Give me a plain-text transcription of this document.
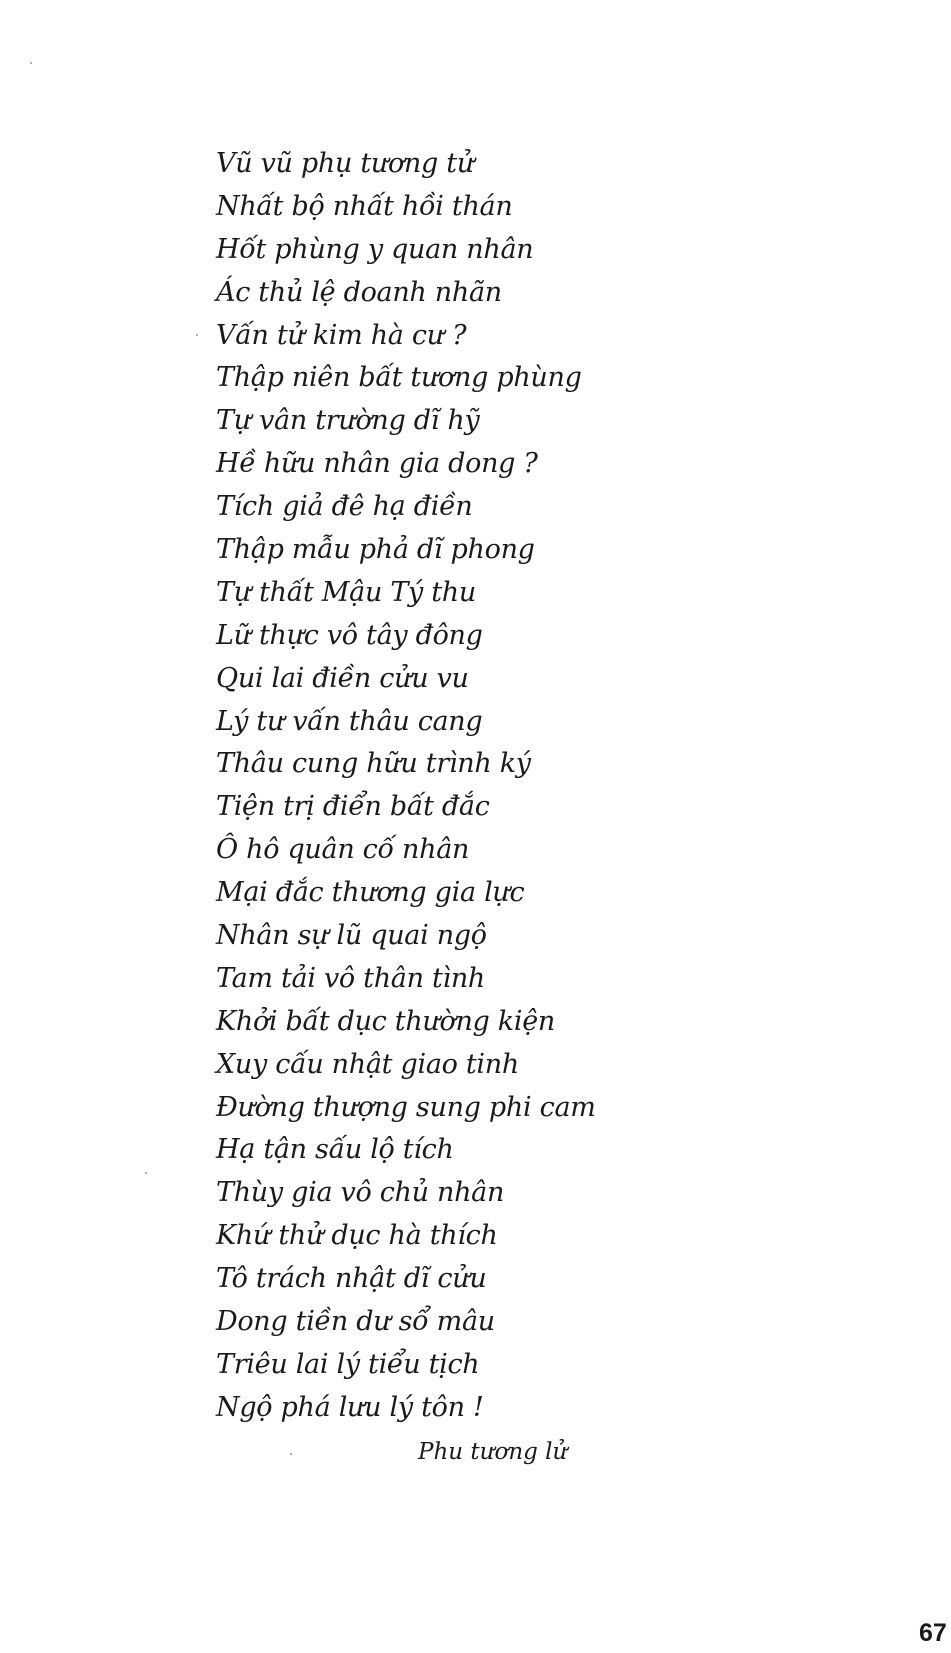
Vũ vũ phụ tương tử
Nhất bộ nhất hồi thán
Hốt phùng y quan nhân
Ác thủ lệ doanh nhãn
Vấn tử kim hà cư ?
Thập niên bất tương phùng
Tự vân trường dĩ hỹ
Hề hữu nhân gia dong ?
Tích giả đê hạ điền
Thập mẫu phả dĩ phong
Tự thất Mậu Tý thu
Lữ thực vô tây đông
Qui lai điền cửu vu
Lý tư vấn thâu cang
Thâu cung hữu trình ký
Tiện trị điển bất đắc
Ô hô quân cố nhân
Mại đắc thương gia lực
Nhân sự lũ quai ngộ
Tam tải vô thân tình
Khởi bất dục thường kiện
Xuy cấu nhật giao tinh
Đường thượng sung phi cam
Hạ tận sấu lộ tích
Thùy gia vô chủ nhân
Khứ thử dục hà thích
Tô trách nhật dĩ cửu
Dong tiền dư sổ mâu
Triêu lai lý tiểu tịch
Ngộ phá lưu lý tôn !
Phu tương lử
67
